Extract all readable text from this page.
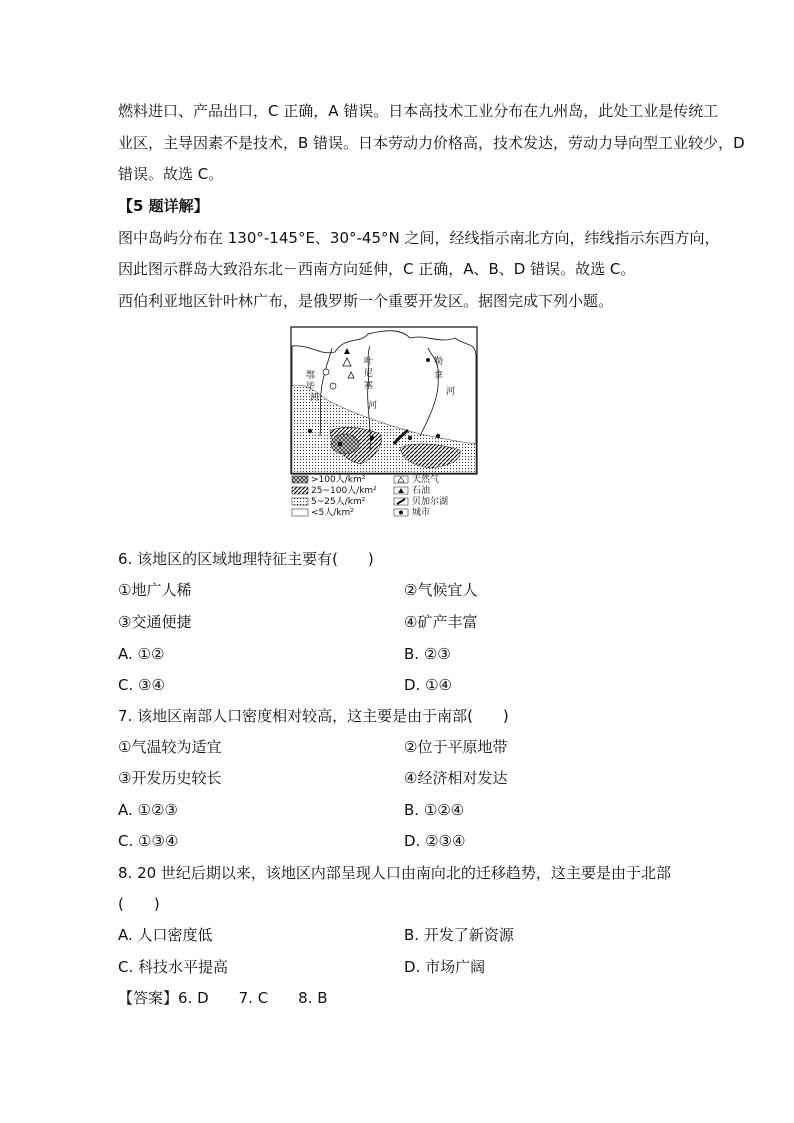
燃料进口、产品出口，C 正确，A 错误。日本高技术工业分布在九州岛，此处工业是传统工
业区，主导因素不是技术，B 错误。日本劳动力价格高，技术发达，劳动力导向型工业较少，D
错误。故选 C。
【5 题详解】
图中岛屿分布在 130°-145°E、30°-45°N 之间，经线指示南北方向，纬线指示东西方向，
因此图示群岛大致沿东北－西南方向延伸，C 正确，A、B、D 错误。故选 C。
西伯利亚地区针叶林广布，是俄罗斯一个重要开发区。据图完成下列小题。
鄂
毕
河
叶
尼
塞
河
勒
拿
河
>100人/km²
25~100人/km²
5~25人/km²
<5人/km²
天然气
石油
贝加尔湖
城市
6. 该地区的区域地理特征主要有(　　)
①地广人稀	②气候宜人
③交通便捷	④矿产丰富
A. ①②	B. ②③
C. ③④	D. ①④
7. 该地区南部人口密度相对较高，这主要是由于南部(　　)
①气温较为适宜	②位于平原地带
③开发历史较长	④经济相对发达
A. ①②③	B. ①②④
C. ①③④	D. ②③④
8. 20 世纪后期以来，该地区内部呈现人口由南向北的迁移趋势，这主要是由于北部
(　　)
A. 人口密度低	B. 开发了新资源
C. 科技水平提高	D. 市场广阔
【答案】6. D　　7. C　　8. B
